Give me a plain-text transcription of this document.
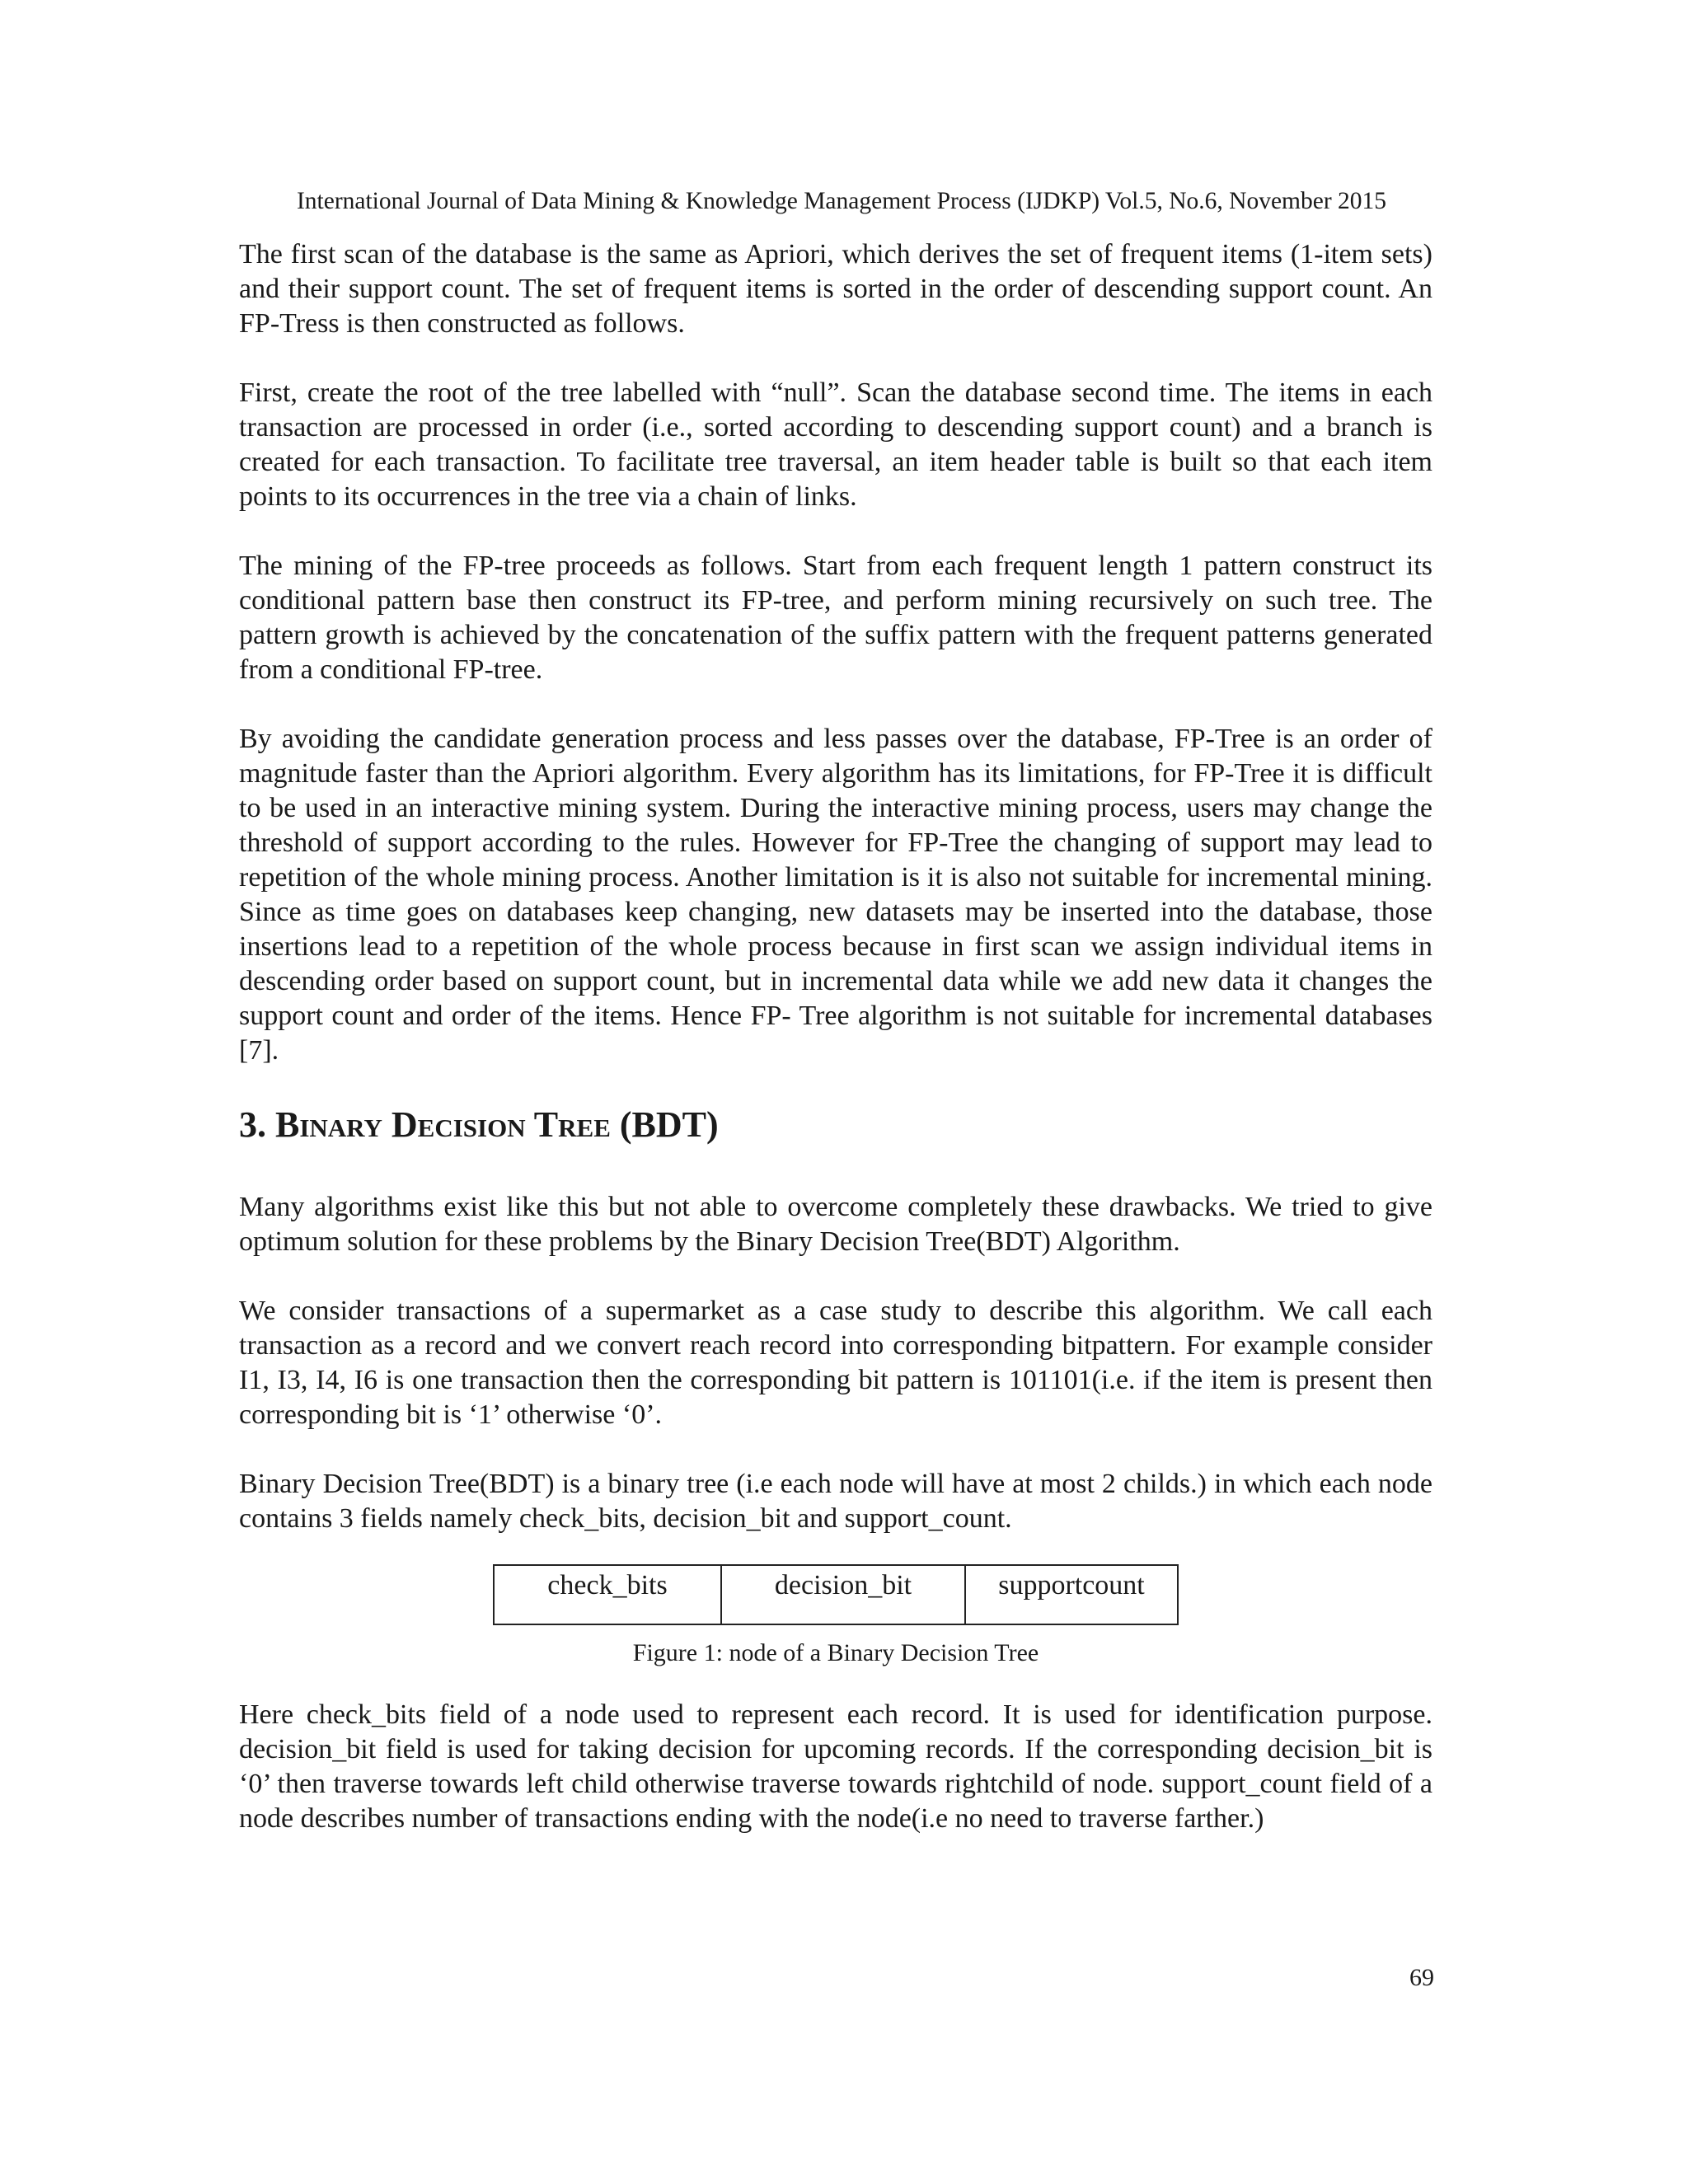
International Journal of Data Mining & Knowledge Management Process (IJDKP) Vol.5, No.6, November 2015

The first scan of the database is the same as Apriori, which derives the set of frequent items (1-item sets) and their support count. The set of frequent items is sorted in the order of descending support count. An FP-Tress is then constructed as follows.

First, create the root of the tree labelled with “null”. Scan the database second time. The items in each transaction are processed in order (i.e., sorted according to descending support count) and a branch is created for each transaction. To facilitate tree traversal, an item header table is built so that each item points to its occurrences in the tree via a chain of links.

The mining of the FP-tree proceeds as follows. Start from each frequent length 1 pattern construct its conditional pattern base then construct its FP-tree, and perform mining recursively on such tree. The pattern growth is achieved by the concatenation of the suffix pattern with the frequent patterns generated from a conditional FP-tree.

By avoiding the candidate generation process and less passes over the database, FP-Tree is an order of magnitude faster than the Apriori algorithm. Every algorithm has its limitations, for FP-Tree it is difficult to be used in an interactive mining system. During the interactive mining process, users may change the threshold of support according to the rules. However for FP-Tree the changing of support may lead to repetition of the whole mining process. Another limitation is it is also not suitable for incremental mining. Since as time goes on databases keep changing, new datasets may be inserted into the database, those insertions lead to a repetition of the whole process because in first scan we assign individual items in descending order based on support count, but in incremental data while we add new data it changes the support count and order of the items. Hence FP- Tree algorithm is not suitable for incremental databases [7].

3. Binary Decision Tree (BDT)

Many algorithms exist like this but not able to overcome completely these drawbacks. We tried to give optimum solution for these problems by the Binary Decision Tree(BDT) Algorithm.

We consider transactions of a supermarket as a case study to describe this algorithm. We call each transaction as a record and we convert reach record into corresponding bitpattern. For example consider I1, I3, I4, I6 is one transaction then the corresponding bit pattern is 101101(i.e. if the item is present then corresponding bit is ‘1’ otherwise ‘0’.

Binary Decision Tree(BDT) is a binary tree (i.e each node will have at most 2 childs.) in which each node contains 3 fields namely check_bits, decision_bit and support_count.

check_bits	decision_bit	supportcount
Figure 1: node of a Binary Decision Tree

Here check_bits field of a node used to represent each record. It is used for identification purpose. decision_bit field is used for taking decision for upcoming records. If the corresponding decision_bit is ‘0’ then traverse towards left child otherwise traverse towards rightchild of node. support_count field of a node describes number of transactions ending with the node(i.e no need to traverse farther.)

69
